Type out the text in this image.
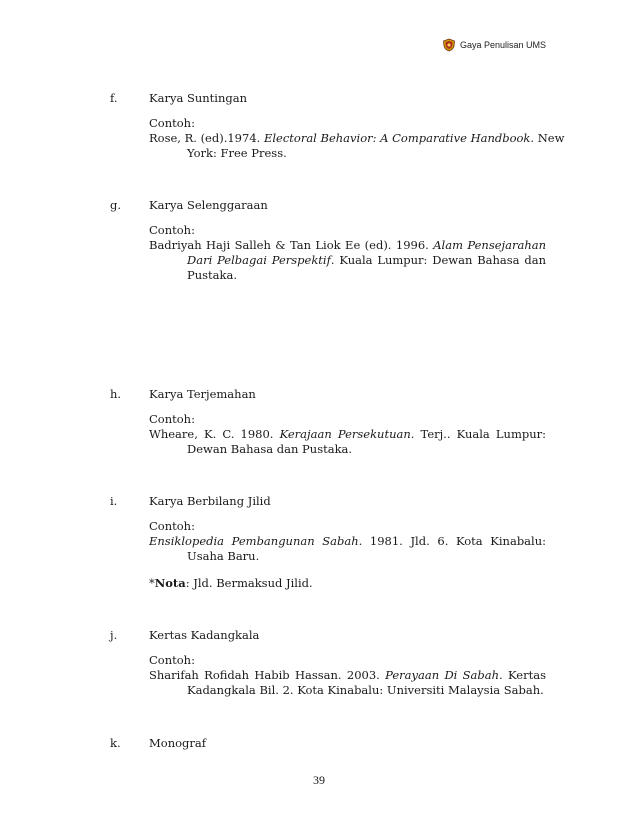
Gaya Penulisan UMS
f.	Karya Suntingan
Contoh:
Rose, R. (ed).1974. Electoral Behavior: A Comparative Handbook. New
York: Free Press.
g. Karya Selenggaraan
Contoh:
Badriyah Haji Salleh & Tan Liok Ee (ed). 1996. Alam Pensejarahan
Dari Pelbagai Perspektif. Kuala Lumpur: Dewan Bahasa dan
Pustaka.
h. Karya Terjemahan
Contoh:
Wheare, K. C. 1980. Kerajaan Persekutuan. Terj.. Kuala Lumpur:
Dewan Bahasa dan Pustaka.
i.	Karya Berbilang Jilid
Contoh:
Ensiklopedia Pembangunan Sabah. 1981. Jld. 6. Kota Kinabalu:
Usaha Baru.
*Nota: Jld. Bermaksud Jilid.
j.	Kertas Kadangkala
Contoh:
Sharifah Rofidah Habib Hassan. 2003. Perayaan Di Sabah. Kertas
Kadangkala Bil. 2. Kota Kinabalu: Universiti Malaysia Sabah.
k. Monograf
39
